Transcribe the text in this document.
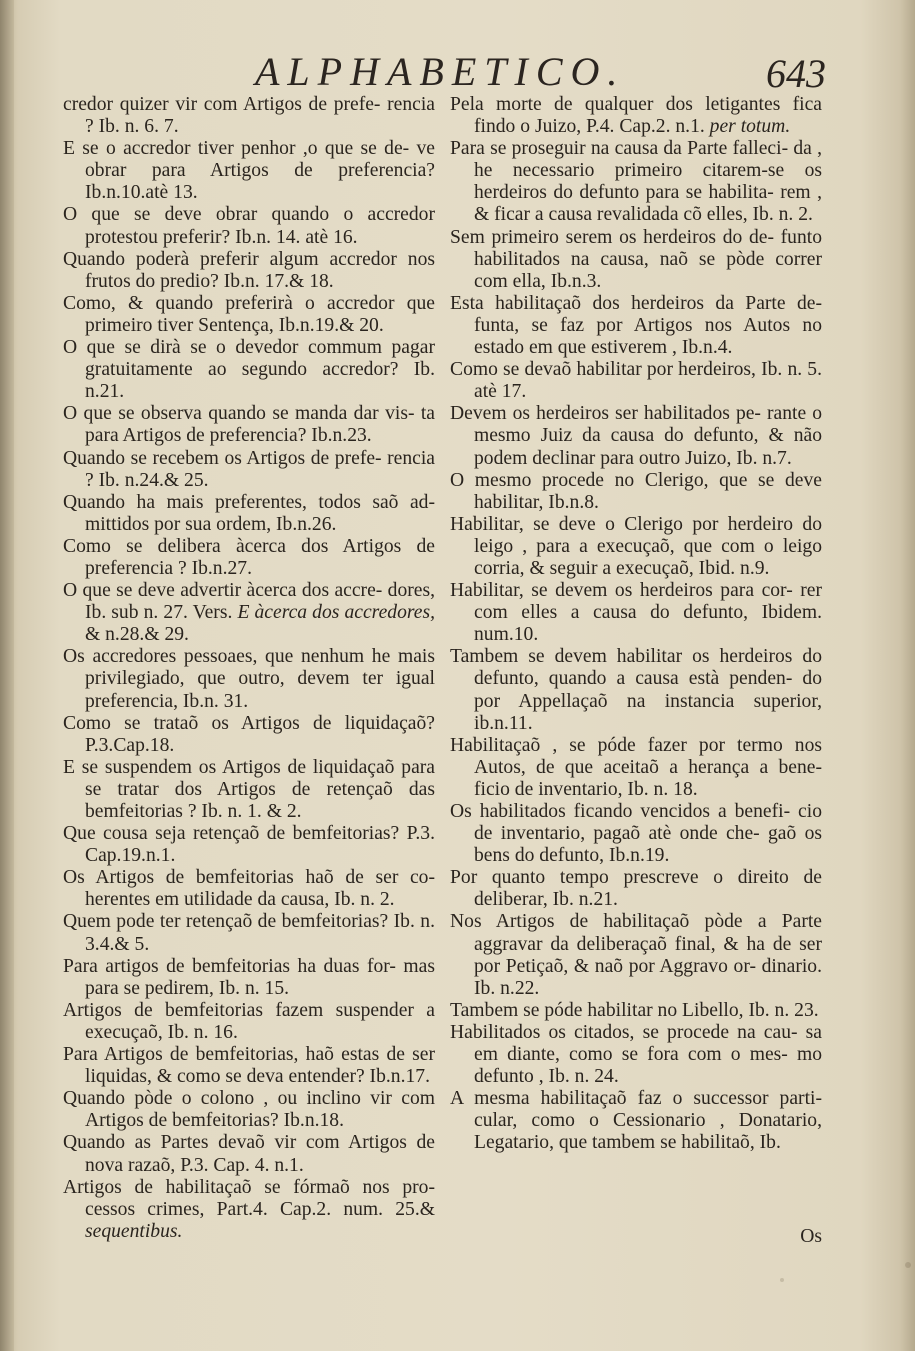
ALPHABETICO.	643

credor quizer vir com Artigos de prefe- rencia ? Ib. n. 6. 7.

E se o accredor tiver penhor ,o que se de- ve obrar para Artigos de preferencia? Ib.n.10.atè 13.

O que se deve obrar quando o accredor protestou preferir? Ib.n. 14. atè 16.

Quando poderà preferir algum accredor nos frutos do predio? Ib.n. 17.& 18.

Como, & quando preferirà o accredor que primeiro tiver Sentença, Ib.n.19.& 20.

O que se dirà se o devedor commum pagar gratuitamente ao segundo accredor? Ib. n.21.

O que se observa quando se manda dar vis- ta para Artigos de preferencia? Ib.n.23.

Quando se recebem os Artigos de prefe- rencia ? Ib. n.24.& 25.

Quando ha mais preferentes, todos saõ ad- mittidos por sua ordem, Ib.n.26.

Como se delibera àcerca dos Artigos de preferencia ? Ib.n.27.

O que se deve advertir àcerca dos accre- dores, Ib. sub n. 27. Vers. E àcerca dos accredores, & n.28.& 29.

Os accredores pessoaes, que nenhum he mais privilegiado, que outro, devem ter igual preferencia, Ib.n. 31.

Como se trataõ os Artigos de liquidaçaõ? P.3.Cap.18.

E se suspendem os Artigos de liquidaçaõ para se tratar dos Artigos de retençaõ das bemfeitorias ? Ib. n. 1. & 2.

Que cousa seja retençaõ de bemfeitorias? P.3. Cap.19.n.1.

Os Artigos de bemfeitorias haõ de ser co- herentes em utilidade da causa, Ib. n. 2.

Quem pode ter retençaõ de bemfeitorias? Ib. n. 3.4.& 5.

Para artigos de bemfeitorias ha duas for- mas para se pedirem, Ib. n. 15.

Artigos de bemfeitorias fazem suspender a execuçaõ, Ib. n. 16.

Para Artigos de bemfeitorias, haõ estas de ser liquidas, & como se deva entender? Ib.n.17.

Quando pòde o colono , ou inclino vir com Artigos de bemfeitorias? Ib.n.18.

Quando as Partes devaõ vir com Artigos de nova razaõ, P.3. Cap. 4. n.1.

Artigos de habilitaçaõ se fórmaõ nos pro- cessos crimes, Part.4. Cap.2. num. 25.& sequentibus.

Pela morte de qualquer dos letigantes fica findo o Juizo, P.4. Cap.2. n.1. per totum.

Para se proseguir na causa da Parte falleci- da , he necessario primeiro citarem-se os herdeiros do defunto para se habilita- rem , & ficar a causa revalidada cõ elles, Ib. n. 2.

Sem primeiro serem os herdeiros do de- funto habilitados na causa, naõ se pòde correr com ella, Ib.n.3.

Esta habilitaçaõ dos herdeiros da Parte de- funta, se faz por Artigos nos Autos no estado em que estiverem , Ib.n.4.

Como se devaõ habilitar por herdeiros, Ib. n. 5. atè 17.

Devem os herdeiros ser habilitados pe- rante o mesmo Juiz da causa do defunto, & não podem declinar para outro Juizo, Ib. n.7.

O mesmo procede no Clerigo, que se deve habilitar, Ib.n.8.

Habilitar, se deve o Clerigo por herdeiro do leigo , para a execuçaõ, que com o leigo corria, & seguir a execuçaõ, Ibid. n.9.

Habilitar, se devem os herdeiros para cor- rer com elles a causa do defunto, Ibidem. num.10.

Tambem se devem habilitar os herdeiros do defunto, quando a causa està penden- do por Appellaçaõ na instancia superior, ib.n.11.

Habilitaçaõ , se póde fazer por termo nos Autos, de que aceitaõ a herança a bene- ficio de inventario, Ib. n. 18.

Os habilitados ficando vencidos a benefi- cio de inventario, pagaõ atè onde che- gaõ os bens do defunto, Ib.n.19.

Por quanto tempo prescreve o direito de deliberar, Ib. n.21.

Nos Artigos de habilitaçaõ pòde a Parte aggravar da deliberaçaõ final, & ha de ser por Petiçaõ, & naõ por Aggravo or- dinario. Ib. n.22.

Tambem se póde habilitar no Libello, Ib. n. 23.

Habilitados os citados, se procede na cau- sa em diante, como se fora com o mes- mo defunto , Ib. n. 24.

A mesma habilitaçaõ faz o successor parti- cular, como o Cessionario , Donatario, Legatario, que tambem se habilitaõ, Ib.

Os
